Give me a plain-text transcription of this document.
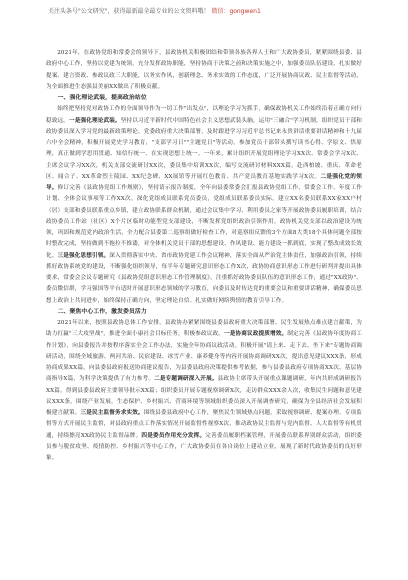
关注头条号"公文研究"，获得最新最全最专业的公文资料哦！ 微信：gongwen1

2021年，在政协党组和常委会的领导下，县政协机关积极团结和带领各族各界人士和广大政协委员，紧紧围绕县委、县政府中心工作，坚持以党建为统领，充分发挥政协职能，坚持协商于决策之前和决策实施之中，加强委员队伍建设，扎实做好提案、建言资政、参政议政三大职能，以务实作风、创新理念、务求实效的工作态度，广泛开展协商议政、民主监督等活动，为全面推进生态强县美丽XX做出了积极贡献。

一、强化理论武装，提高政治站位

始终把坚持党对政协工作的全面领导作为一切工作"出发点"，以理论学习为抓手，确保政协机关工作始终沿着正确方向行稳致远。一是强化理论武装。坚持以习近平新时代中国特色社会主义思想武装头脑，运用"三融合"学习机制，组织党员干部和政协委员深入学习党的最新政策理论、党委政府重大决策部署，及时跟进学习习近平总书记来永贵讲话重要讲话精神和十九届六中全会精神，积极开展党史学习教育，"支部学习日""主题党日"等活动。参加党员干部带头撰写读书心得、学原文、悟原理，真正做到学思用贯通、知信行统一、在实现思想上统一。一年来，累计组织开展党组理论学习XX次、常委会学习X次、主席会议学习XX次，机关支部交流研讨XX次，委员集中培训XX次，编写交流研讨材料XXX篇。赴西柏坡、重庆、革命老区、闻合子、XX革命烈士陵园、XX纪念碑、XX展馆等开展红色教育、共产党员教育基地实践学习X次。二是强化党的领导。修订完善《县政协党组工作规则》，坚持请示报告制度，全年向县委常委会汇报县政协党组工作、常委会工作、年度工作计划、全体会议事项等工作XX次。深化党组成员联系党员委员，党组成员联系委员实际，建立XX名委员联系XX家XX户村（居）支部和委员联系重点乡镇，建立政协联系群众机制，通过会议集中学习、利用委员之家等开展政协委员履职培训，结合政协委员工作站（社区）X个片区临时功能型党支部建设，不断发挥党组织政治引领作用。政协机关党支部以政治建设为统领，巩固和规范党内政治生活，全力配合县委第二巡察组做好检查工作，对巡察组反馈的3个方面8大类18个具体问题全部按时整改完成，坚持做到不拖拉不推诿，对全体机关党员干部的思想建设、作风建设、能力建设一抓到底，实现了整改成效长效化。三是强化思想引领。深入贯彻落实中央、省市政协党建工作会议精神，落实全面从严治党主体责任，加强政治引领，持续抓好政协系统党的建设，不断强化组织领导，每半年专题研究意识形态工作X次，政协协商意识形态工作进行研判并提出具体要求，常委会会议专题研究《县政协党组意识形态工作管理制度》，注重抓好政协委员队伍的意识形态工作，通过"XX政协"、委员微信群，学习强国等平台适时开展意识形态领域的学习教育，向委员及时传达党的重要会议和重要讲话精神，确保委员思想上政治上共同进步，始终保持正确方向，坚定理论自信。扎实做好网络舆情的教育引导工作。

二、聚焦中心工作，激发委员活力

2021年以来，按照县政协总体工作安排，县政协办紧紧围绕县委县政府重大决策部署、民生发展热点难点建言献策，为助力打赢"三大攻坚战"，推进全面小康社会目标任务，积极参政议政。一是协商议政提质增效。制定完善《县政协年度协商工作计划》，向县委报告并按程序落实全会工作办法，实施全年协商议政活动。积极开展"请上来、走下去、坐下来"专题协商调研活动，围绕全域旅游、两河共治、民宿建设、冰雪产业、康养健身等内容开展协商调研XX次，提出意见建议XXX条，形成协商成果XX篇，向县委县政府报送协商建议报告，为县委县政府决策提供参考依据，参与县委县政府专项协商XX次、基层协商指导X篇，为科学决策提供了有力参考。二是专题调研深入开展。县政协主席带头开展重点课题调研，年内共形成调研报告XX篇，得到县委县政府主要领导批示XX篇；组织委员开展专题视察调研X次，走访群众XXX余人次，收集民生问题和意见建议XXX条，围绕产业发展、生态保护、乡村振兴、营商环境等领域组织委员深入开展调查研究，确保为全县经济社会发展积极建言献策。三是民主监督务求实效。围绕县委县政府中心工作，聚焦民生领域热点问题，采取视察调研、提案办理、专项监督等方式开展民主监督，对县政府重点工作落实情况开展监督性视察X次，推动政协民主监督与党内监督、人大监督等有机贯通，持续擦亮XX政协民主监督品牌。四是委员作用充分发挥。完善委员履职档案管理，开展委员联系界别群众活动，组织委员参与脱贫攻坚、疫情防控、乡村振兴等中心工作，广大政协委员在各自岗位上建功立业，展现了新时代政协委员的良好形象。
